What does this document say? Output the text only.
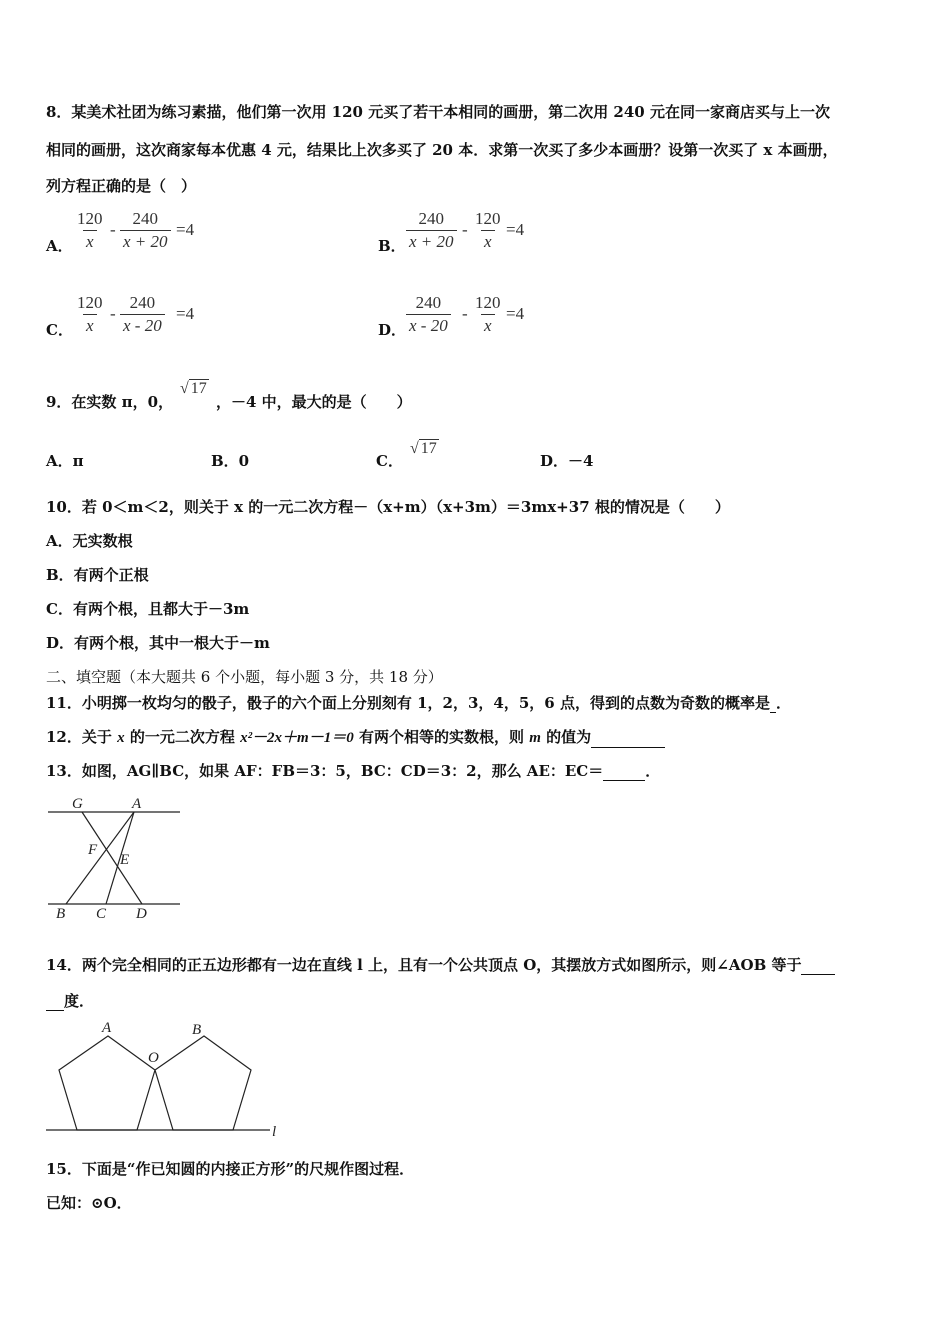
8．某美术社团为练习素描，他们第一次用 120 元买了若干本相同的画册，第二次用 240 元在同一家商店买与上一次
相同的画册，这次商家每本优惠 4 元，结果比上次多买了 20 本．求第一次买了多少本画册？设第一次买了 x 本画册，
列方程正确的是（　）
A． $\frac{120}{x} - \frac{240}{x + 20} =4$
B． $\frac{240}{x + 20} - \frac{120}{x} =4$
C． $\frac{120}{x} - \frac{240}{x - 20} =4$
D． $\frac{240}{x - 20} - \frac{120}{x} =4$
9．在实数 π，0，
√ 17
，－4 中，最大的是（　　）
A．π	B．0	C．
√ 17
D．－4
10．若 0＜m＜2，则关于 x 的一元二次方程－（x+m）（x+3m）＝3mx+37 根的情况是（　　）
A．无实数根
B．有两个正根
C．有两个根，且都大于－3m
D．有两个根，其中一根大于－m
二、填空题（本大题共 6 个小题，每小题 3 分，共 18 分）
11．小明掷一枚均匀的骰子，骰子的六个面上分别刻有 1，2，3，4，5，6 点，得到的点数为奇数的概率是 ．
12．关于 x 的一元二次方程 x²－2x＋m－1＝0 有两个相等的实数根，则 m 的值为
13．如图，AG∥BC，如果 AF：FB＝3：5，BC：CD＝3：2，那么 AE：EC＝	．
G	A
F
E
B C D
14．两个完全相同的正五边形都有一边在直线 l 上，且有一个公共顶点 O，其摆放方式如图所示，则∠AOB 等于
度．
A
O
B
l
15．下面是“作已知圆的内接正方形”的尺规作图过程．
已知：⊙O．
